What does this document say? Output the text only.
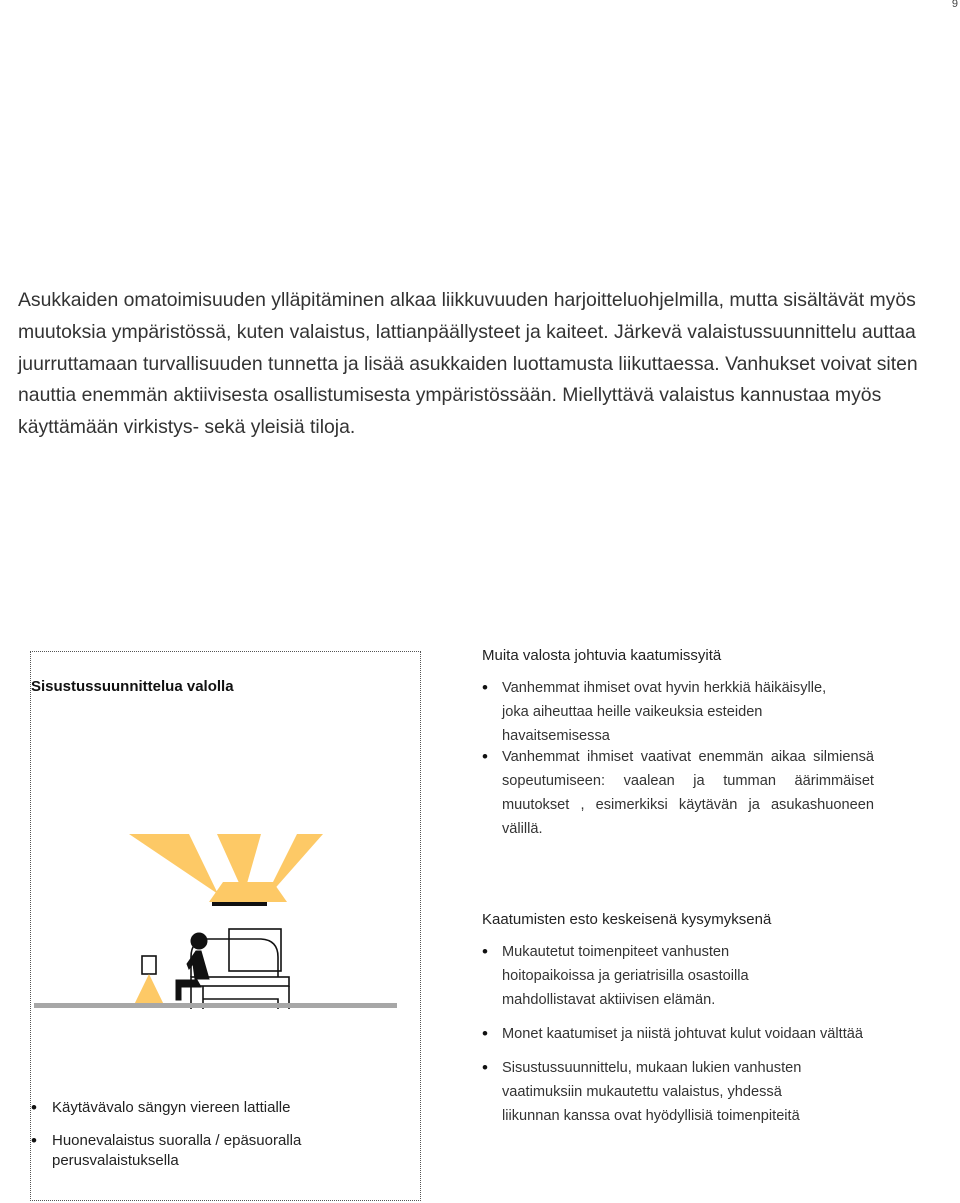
9

Asukkaiden omatoimisuuden ylläpitäminen alkaa liikkuvuuden harjoitteluohjelmilla, mutta sisältävät myös muutoksia ympäristössä, kuten valaistus, lattianpäällysteet ja kaiteet. Järkevä valaistussuunnittelu auttaa juurruttamaan turvallisuuden tunnetta ja lisää asukkaiden luottamusta liikuttaessa. Vanhukset voivat siten nauttia enemmän aktiivisesta osallistumisesta ympäristössään. Miellyttävä valaistus kannustaa myös käyttämään virkistys- sekä yleisiä tiloja.

Sisustussuunnittelua valolla
• Käytävävalo sängyn viereen lattialle
• Huonevalaistus suoralla / epäsuoralla perusvalaistuksella
Muita valosta johtuvia kaatumissyitä
• Vanhemmat ihmiset ovat hyvin herkkiä häikäisylle, joka aiheuttaa heille vaikeuksia esteiden havaitsemisessa
• Vanhemmat ihmiset vaativat enemmän aikaa silmiensä sopeutumiseen: vaalean ja tumman äärimmäiset muutokset , esimerkiksi käytävän ja asukashuoneen välillä.
Kaatumisten esto keskeisenä kysymyksenä
• Mukautetut toimenpiteet vanhusten hoitopaikoissa ja geriatrisilla osastoilla mahdollistavat aktiivisen elämän.
• Monet kaatumiset ja niistä johtuvat kulut voidaan välttää
• Sisustussuunnittelu, mukaan lukien vanhusten vaatimuksiin mukautettu valaistus, yhdessä liikunnan kanssa ovat hyödyllisiä toimenpiteitä
